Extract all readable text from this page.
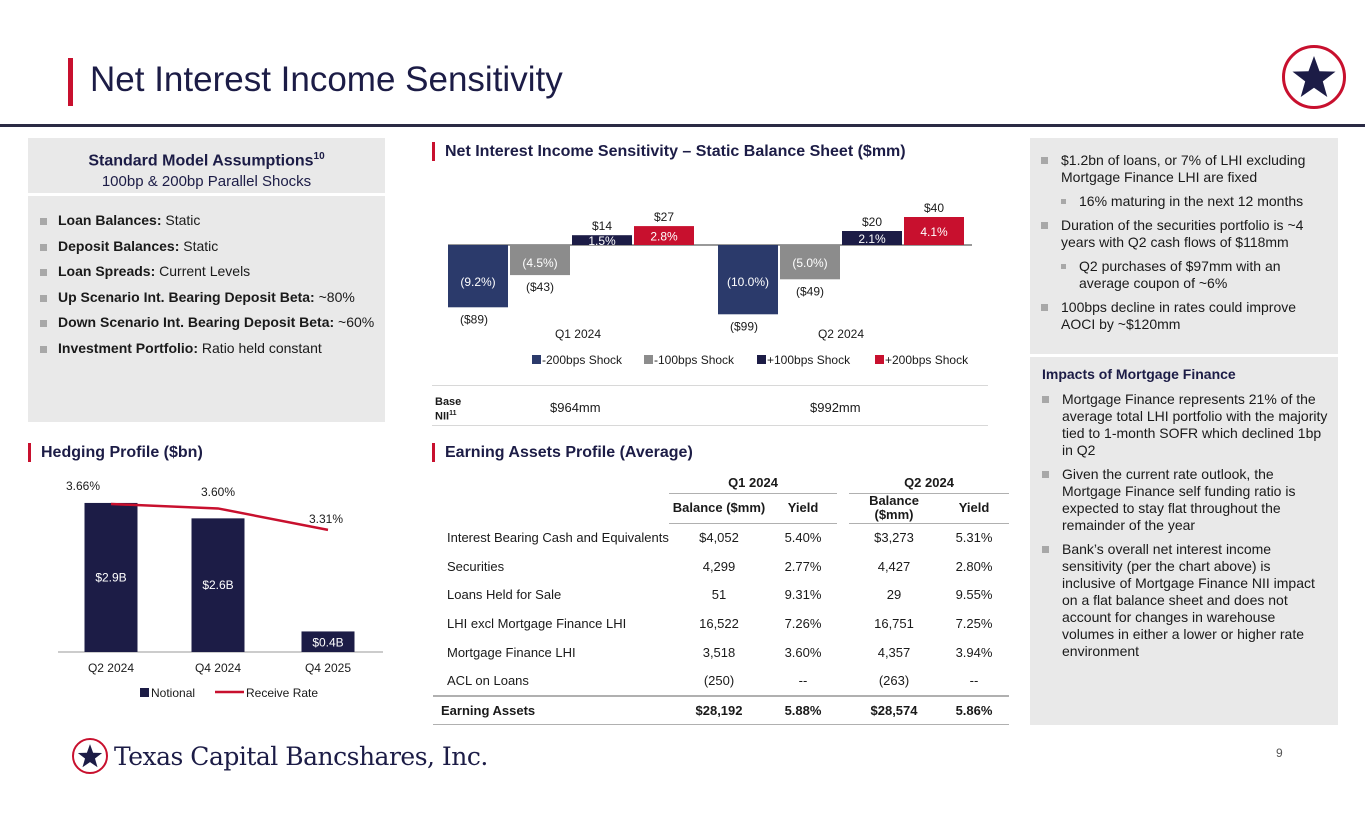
Net Interest Income Sensitivity
Standard Model Assumptions$^{10}$
100bp & 200bp Parallel Shocks
Loan Balances: Static
Deposit Balances: Static
Loan Spreads: Current Levels
Up Scenario Int. Bearing Deposit Beta: ~80%
Down Scenario Int. Bearing Deposit Beta: ~60%
Investment Portfolio: Ratio held constant
Net Interest Income Sensitivity – Static Balance Sheet ($mm)
Hedging Profile ($bn)	Earning Assets Profile (Average)
(9.2%)
($89)
(10.0%)
($99)
(4.5%)
($43)
(5.0%)
($49)
1.5%
$14
2.1%
$20
2.8%
$27
4.1%
$40
Q1 2024	Q2 2024
-200bps Shock	-100bps Shock	+100bps Shock	+200bps Shock
Base
NII$^{11}$	$964mm	$992mm
$2.9B
$2.6B
$0.4B
3.66%	3.60%
3.31%
Q2 2024	Q4 2024	Q4 2025
Notional	Receive Rate
	Q1 2024			Q2 2024	
	Balance ($mm)	Yield		Balance ($mm)	Yield
Interest Bearing Cash and Equivalents	$4,052	5.40%		$3,273	5.31%
Securities	4,299	2.77%		4,427	2.80%
Loans Held for Sale	51	9.31%		29	9.55%
LHI excl Mortgage Finance LHI	16,522	7.26%		16,751	7.25%
Mortgage Finance LHI	3,518	3.60%		4,357	3.94%
ACL on Loans	(250)	--		(263)	--
Earning Assets	$28,192	5.88%		$28,574	5.86%
$1.2bn of loans, or 7% of LHI excluding Mortgage Finance LHI are fixed
16% maturing in the next 12 months
Duration of the securities portfolio is ~4 years with Q2 cash flows of $118mm
Q2 purchases of $97mm with an average coupon of ~6%
100bps decline in rates could improve AOCI by ~$120mm
Impacts of Mortgage Finance
Mortgage Finance represents 21% of the average total LHI portfolio with the majority tied to 1-month SOFR which declined 1bp in Q2
Given the current rate outlook, the Mortgage Finance self funding ratio is expected to stay flat throughout the remainder of the year
Bank’s overall net interest income sensitivity (per the chart above) is inclusive of Mortgage Finance NII impact on a flat balance sheet and does not account for changes in warehouse volumes in either a lower or higher rate environment
Texas Capital Bancshares, Inc.	9
